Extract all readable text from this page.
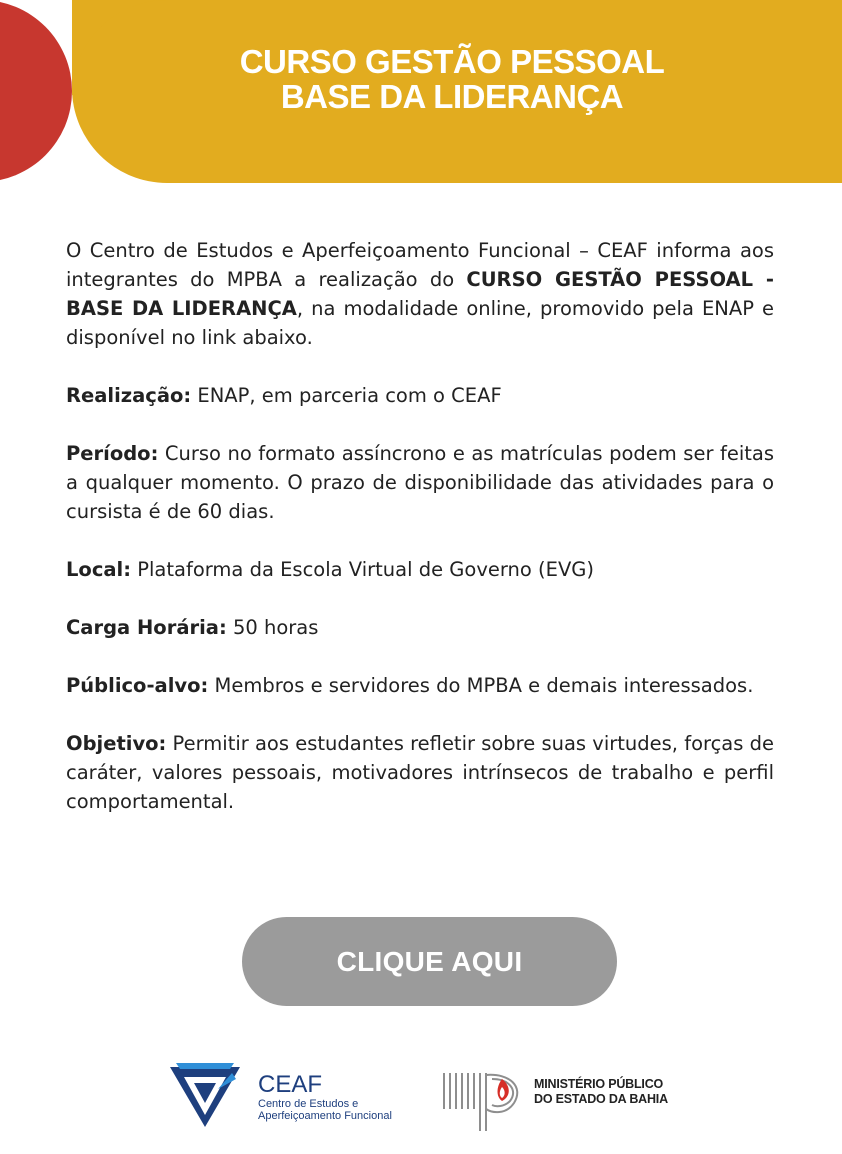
CURSO GESTÃO PESSOAL
BASE DA LIDERANÇA

O Centro de Estudos e Aperfeiçoamento Funcional – CEAF informa aos integrantes do MPBA a realização do CURSO GESTÃO PESSOAL - BASE DA LIDERANÇA, na modalidade online, promovido pela ENAP e disponível no link abaixo.

Realização: ENAP, em parceria com o CEAF

Período: Curso no formato assíncrono e as matrículas podem ser feitas a qualquer momento. O prazo de disponibilidade das atividades para o cursista é de 60 dias.

Local: Plataforma da Escola Virtual de Governo (EVG)

Carga Horária: 50 horas

Público-alvo: Membros e servidores do MPBA e demais interessados.

Objetivo: Permitir aos estudantes refletir sobre suas virtudes, forças de caráter, valores pessoais, motivadores intrínsecos de trabalho e perfil comportamental.

CLIQUE AQUI
CEAF
Centro de Estudos e
Aperfeiçoamento Funcional
MINISTÉRIO PÚBLICO
DO ESTADO DA BAHIA
